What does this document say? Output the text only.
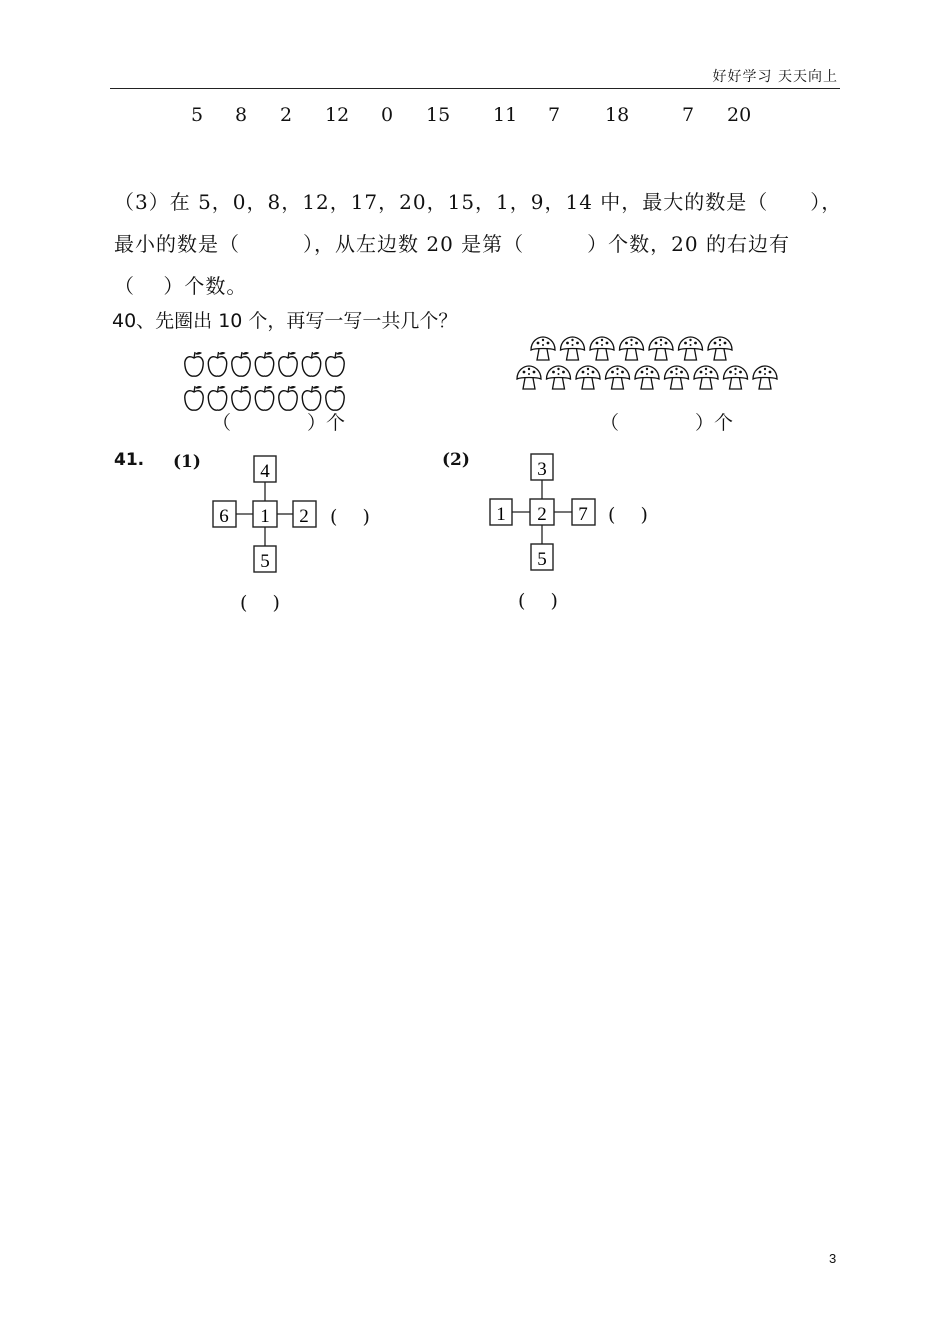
好好学习 天天向上
5 8 2 12 0 15 11 7 18	7 20
（3）在 5，0，8，12，17，20，15，1，9，14 中，最大的数是（　　），
最小的数是（　　　），从左边数 20 是第（　　　）个数，20 的右边有
（　 ）个数。
40、先圈出 10 个，再写一写一共几个？
（　　　　）个	（　　　　）个
41. (1)	(2)
4
6 1 2
5
(　 )
(　 )
3
1 2 7
5
(　 )
(　 )
3
